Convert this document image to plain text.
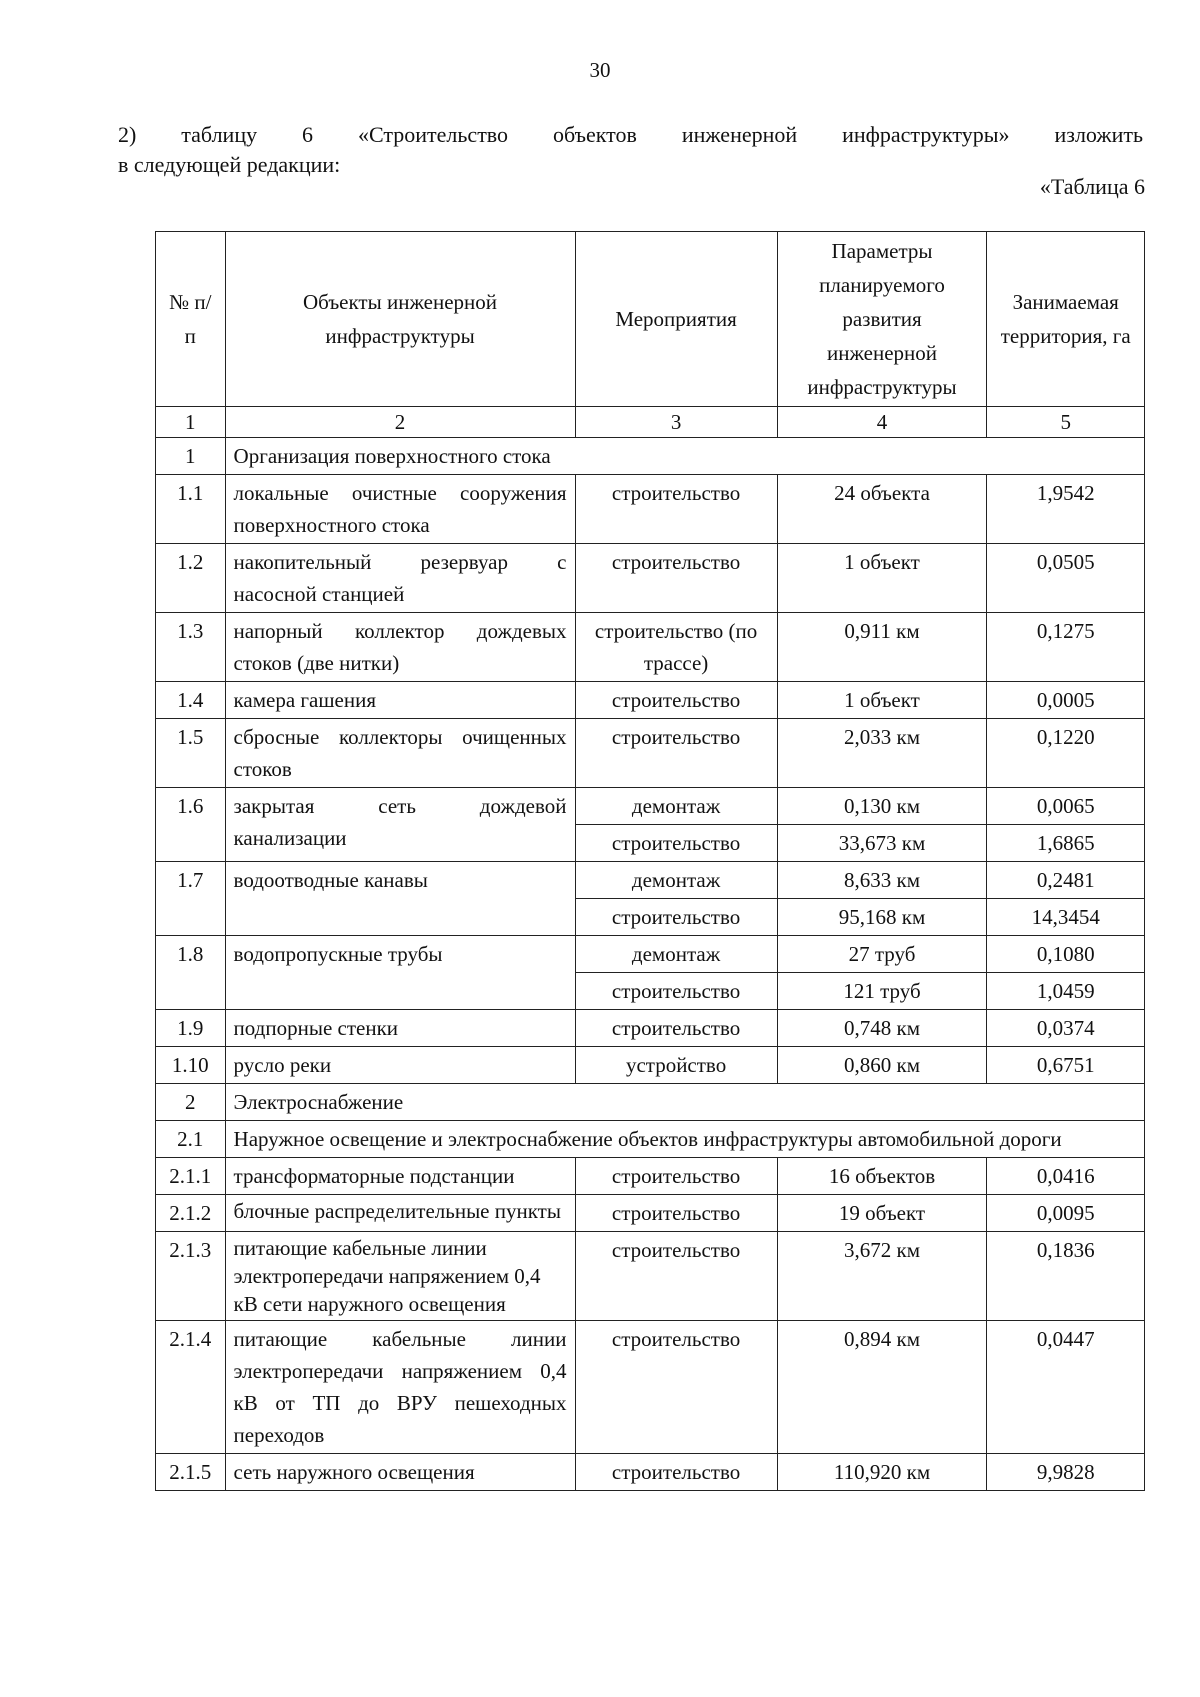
30
2) таблицу 6 «Строительство объектов инженерной инфраструктуры» изложить
в следующей редакции:
«Таблица 6
№ п/п	Объекты инженерной инфраструктуры	Мероприятия	Параметры планируемого развития инженерной инфраструктуры	Занимаемая территория, га
1	2	3	4	5
1	Организация поверхностного стока			
1.1	локальные очистные сооружения поверхностного стока	строительство	24 объекта	1,9542
1.2	накопительный резервуар с насосной станцией	строительство	1 объект	0,0505
1.3	напорный коллектор дождевых стоков (две нитки)	строительство (по трассе)	0,911 км	0,1275
1.4	камера гашения	строительство	1 объект	0,0005
1.5	сбросные коллекторы очищенных стоков	строительство	2,033 км	0,1220
1.6	закрытая сеть дождевой канализации	демонтаж	0,130 км	0,0065
		строительство	33,673 км	1,6865
1.7	водоотводные канавы	демонтаж	8,633 км	0,2481
		строительство	95,168 км	14,3454
1.8	водопропускные трубы	демонтаж	27 труб	0,1080
		строительство	121 труб	1,0459
1.9	подпорные стенки	строительство	0,748 км	0,0374
1.10	русло реки	устройство	0,860 км	0,6751
2	Электроснабжение			
2.1	Наружное освещение и электроснабжение объектов инфраструктуры автомобильной дороги			
2.1.1	трансформаторные подстанции	строительство	16 объектов	0,0416
2.1.2	блочные распределительные пункты	строительство	19 объект	0,0095
2.1.3	питающие кабельные линии электропередачи напряжением 0,4 кВ сети наружного освещения	строительство	3,672 км	0,1836
2.1.4	питающие кабельные линии электропередачи напряжением 0,4 кВ от ТП до ВРУ пешеходных переходов	строительство	0,894 км	0,0447
2.1.5	сеть наружного освещения	строительство	110,920 км	9,9828
